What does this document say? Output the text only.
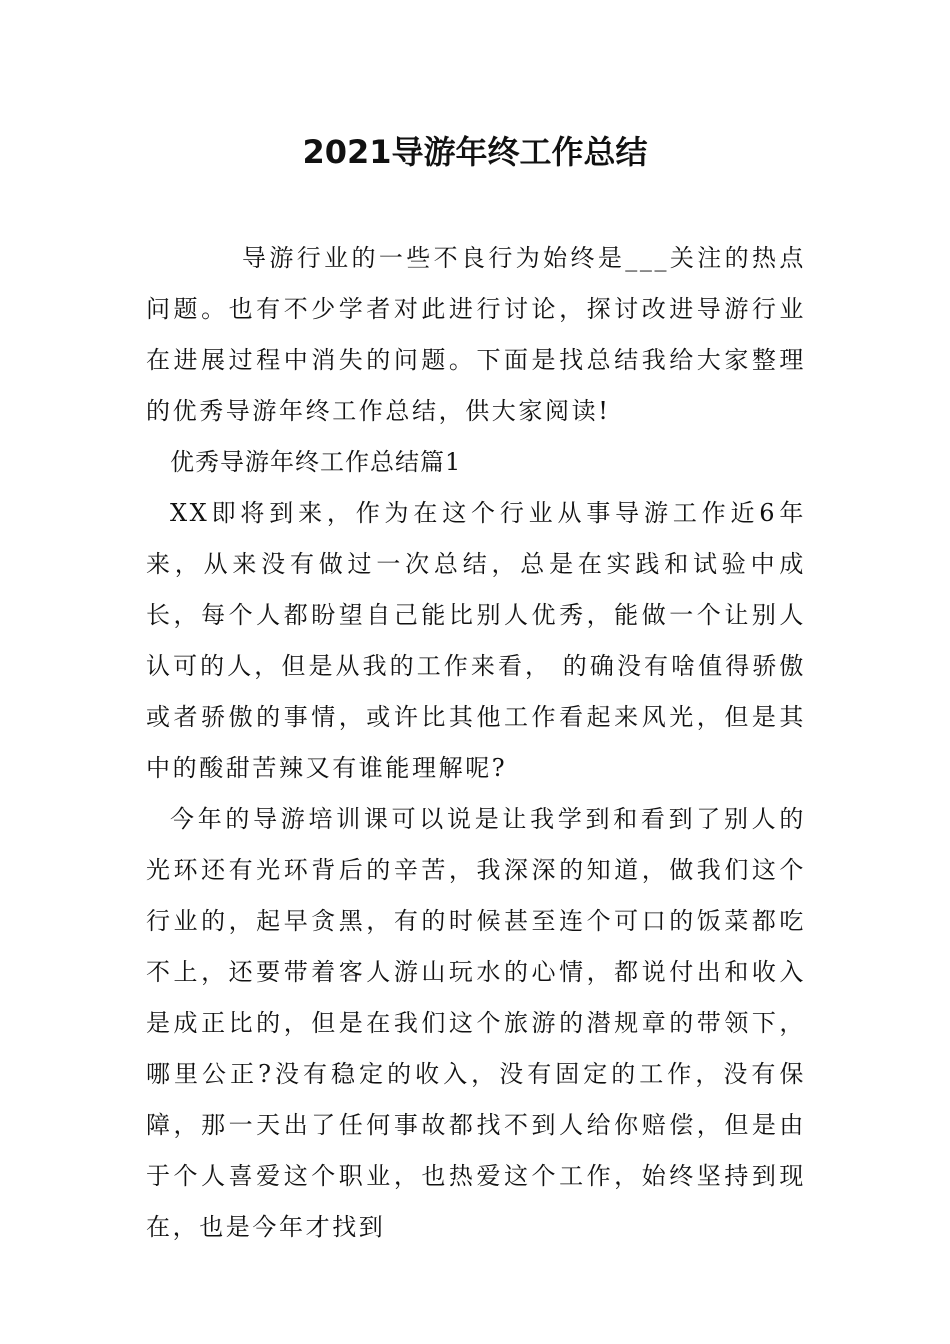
2021导游年终工作总结

导游行业的一些不良行为始终是___关注的热点问题。也有不少学者对此进行讨论，探讨改进导游行业在进展过程中消失的问题。下面是找总结我给大家整理的优秀导游年终工作总结，供大家阅读!

优秀导游年终工作总结篇1

XX即将到来，作为在这个行业从事导游工作近6年来，从来没有做过一次总结，总是在实践和试验中成长，每个人都盼望自己能比别人优秀，能做一个让别人认可的人，但是从我的工作来看， 的确没有啥值得骄傲或者骄傲的事情，或许比其他工作看起来风光，但是其中的酸甜苦辣又有谁能理解呢?

今年的导游培训课可以说是让我学到和看到了别人的光环还有光环背后的辛苦，我深深的知道，做我们这个行业的，起早贪黑，有的时候甚至连个可口的饭菜都吃不上，还要带着客人游山玩水的心情，都说付出和收入是成正比的，但是在我们这个旅游的潜规章的带领下，哪里公正?没有稳定的收入，没有固定的工作，没有保障，那一天出了任何事故都找不到人给你赔偿，但是由于个人喜爱这个职业，也热爱这个工作，始终坚持到现在，也是今年才找到
